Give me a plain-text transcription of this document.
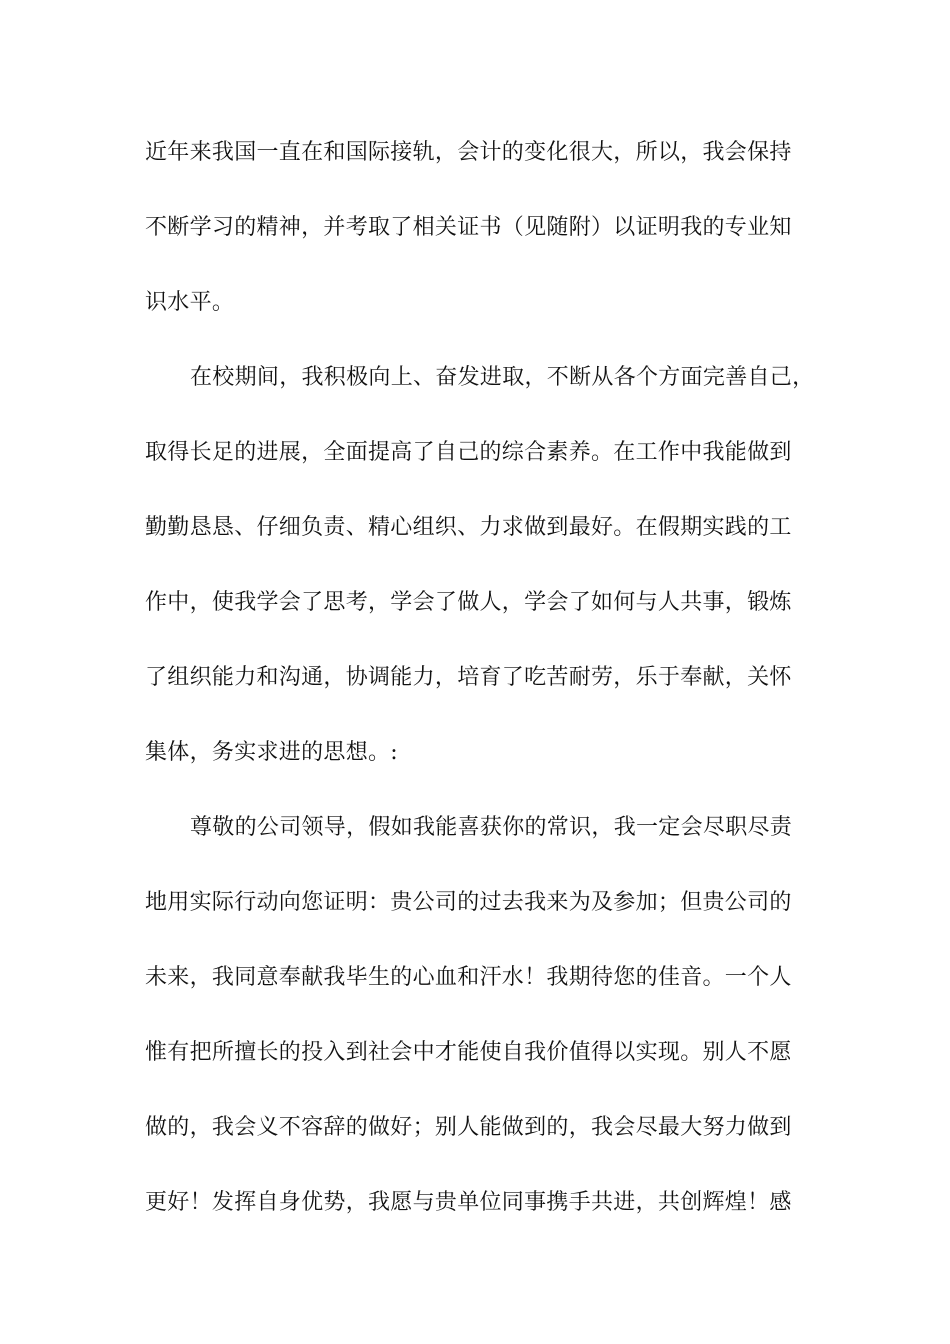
近年来我国一直在和国际接轨，会计的变化很大，所以，我会保持
不断学习的精神，并考取了相关证书（见随附）以证明我的专业知
识水平。
在校期间，我积极向上、奋发进取，不断从各个方面完善自己，
取得长足的进展，全面提高了自己的综合素养。在工作中我能做到
勤勤恳恳、仔细负责、精心组织、力求做到最好。在假期实践的工
作中，使我学会了思考，学会了做人，学会了如何与人共事，锻炼
了组织能力和沟通，协调能力，培育了吃苦耐劳，乐于奉献，关怀
集体，务实求进的思想。:
尊敬的公司领导，假如我能喜获你的常识，我一定会尽职尽责
地用实际行动向您证明：贵公司的过去我来为及参加；但贵公司的
未来，我同意奉献我毕生的心血和汗水！我期待您的佳音。一个人
惟有把所擅长的投入到社会中才能使自我价值得以实现。别人不愿
做的，我会义不容辞的做好；别人能做到的，我会尽最大努力做到
更好！发挥自身优势，我愿与贵单位同事携手共进，共创辉煌！感
